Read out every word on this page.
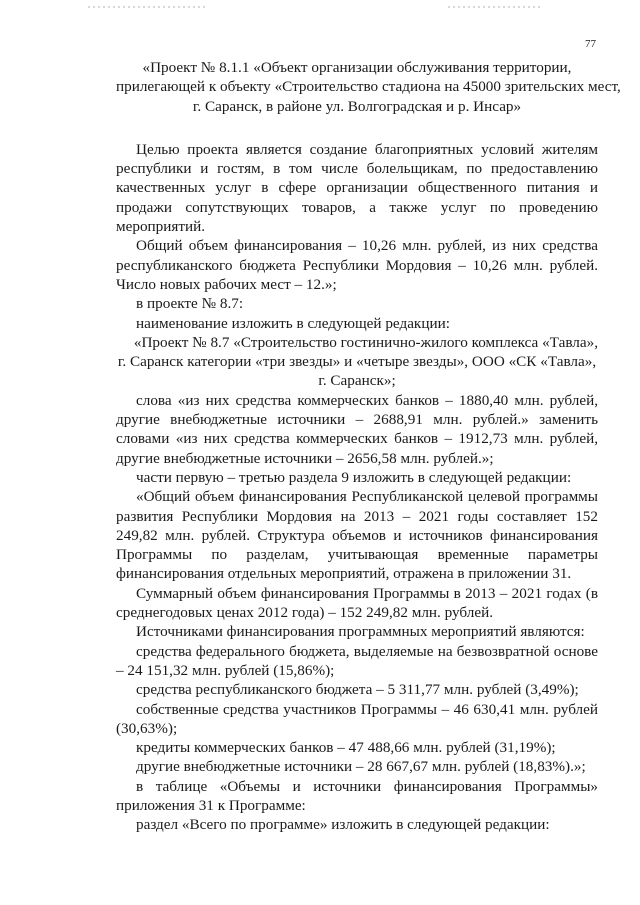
77
«Проект № 8.1.1 «Объект организации обслуживания территории,
прилегающей к объекту «Строительство стадиона на 45000 зрительских мест,
г. Саранск, в районе ул. Волгоградская и р. Инсар»

Целью проекта является создание благоприятных условий жителям республики и гостям, в том числе болельщикам, по предоставлению качественных услуг в сфере организации общественного питания и продажи сопутствующих товаров, а также услуг по проведению мероприятий.

Общий объем финансирования – 10,26 млн. рублей, из них средства республиканского бюджета Республики Мордовия – 10,26 млн. рублей. Число новых рабочих мест – 12.»;

в проекте № 8.7:

наименование изложить в следующей редакции:

«Проект № 8.7 «Строительство гостинично-жилого комплекса «Тавла»,
г. Саранск категории «три звезды» и «четыре звезды», ООО «СК «Тавла»,
г. Саранск»;

слова «из них средства коммерческих банков – 1880,40 млн. рублей, другие внебюджетные источники – 2688,91 млн. рублей.» заменить словами «из них средства коммерческих банков – 1912,73 млн. рублей, другие внебюджетные источники – 2656,58 млн. рублей.»;

части первую – третью раздела 9 изложить в следующей редакции:

«Общий объем финансирования Республиканской целевой программы развития Республики Мордовия на 2013 – 2021 годы составляет 152 249,82 млн. рублей. Структура объемов и источников финансирования Программы по разделам, учитывающая временные параметры финансирования отдельных мероприятий, отражена в приложении 31.

Суммарный объем финансирования Программы в 2013 – 2021 годах (в среднегодовых ценах 2012 года) – 152 249,82 млн. рублей.

Источниками финансирования программных мероприятий являются:

средства федерального бюджета, выделяемые на безвозвратной основе – 24 151,32 млн. рублей (15,86%);

средства республиканского бюджета – 5 311,77 млн. рублей (3,49%);

собственные средства участников Программы – 46 630,41 млн. рублей (30,63%);

кредиты коммерческих банков – 47 488,66 млн. рублей (31,19%);

другие внебюджетные источники – 28 667,67 млн. рублей (18,83%).»;

в таблице «Объемы и источники финансирования Программы» приложения 31 к Программе:

раздел «Всего по программе» изложить в следующей редакции:
